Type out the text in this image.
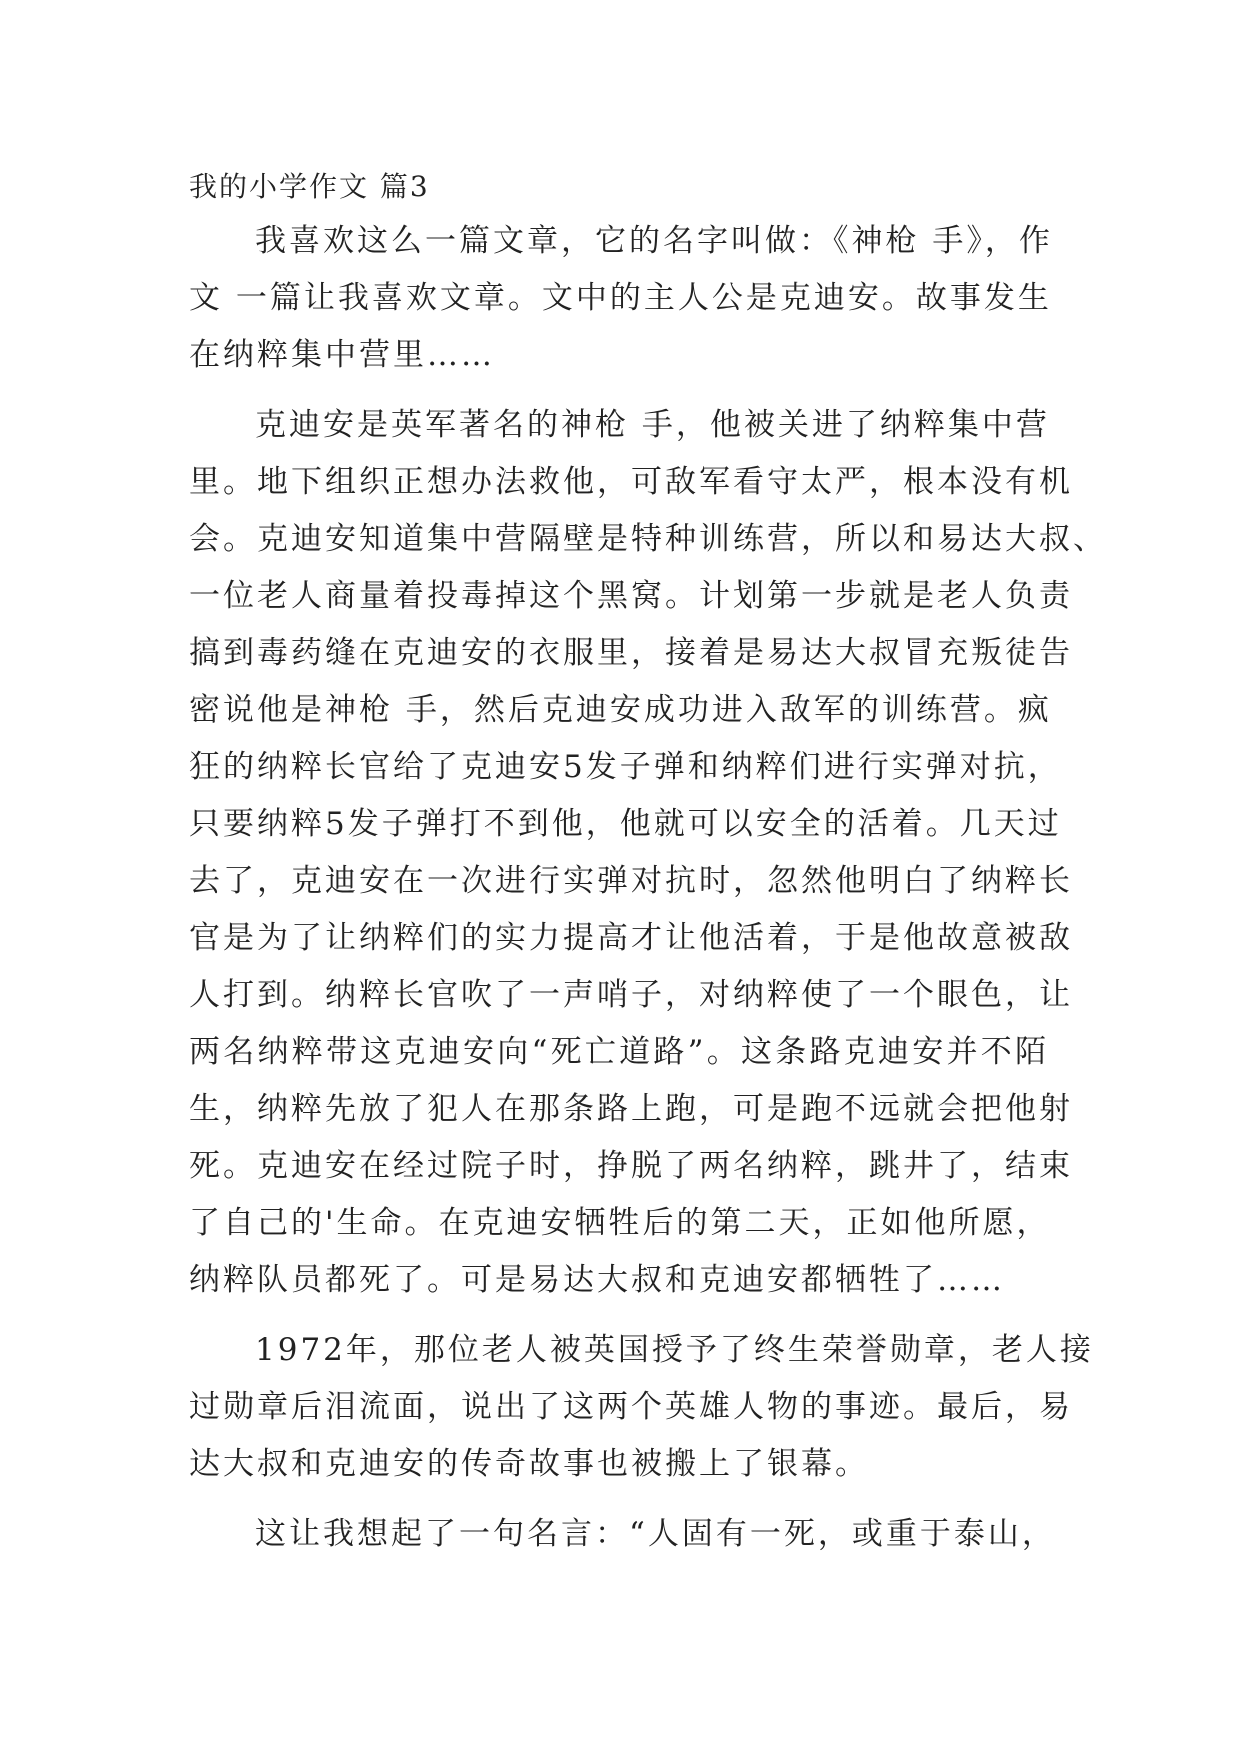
我的小学作文 篇3
我喜欢这么一篇文章，它的名字叫做：《神枪 手》，作
文 一篇让我喜欢文章。文中的主人公是克迪安。故事发生
在纳粹集中营里……
克迪安是英军著名的神枪 手，他被关进了纳粹集中营
里。地下组织正想办法救他，可敌军看守太严，根本没有机
会。克迪安知道集中营隔壁是特种训练营，所以和易达大叔、
一位老人商量着投毒掉这个黑窝。计划第一步就是老人负责
搞到毒药缝在克迪安的衣服里，接着是易达大叔冒充叛徒告
密说他是神枪 手，然后克迪安成功进入敌军的训练营。疯
狂的纳粹长官给了克迪安5发子弹和纳粹们进行实弹对抗，
只要纳粹5发子弹打不到他，他就可以安全的活着。几天过
去了，克迪安在一次进行实弹对抗时，忽然他明白了纳粹长
官是为了让纳粹们的实力提高才让他活着，于是他故意被敌
人打到。纳粹长官吹了一声哨子，对纳粹使了一个眼色，让
两名纳粹带这克迪安向“死亡道路”。这条路克迪安并不陌
生，纳粹先放了犯人在那条路上跑，可是跑不远就会把他射
死。克迪安在经过院子时，挣脱了两名纳粹，跳井了，结束
了自己的'生命。在克迪安牺牲后的第二天，正如他所愿，
纳粹队员都死了。可是易达大叔和克迪安都牺牲了……
1972年，那位老人被英国授予了终生荣誉勋章，老人接
过勋章后泪流面，说出了这两个英雄人物的事迹。最后，易
达大叔和克迪安的传奇故事也被搬上了银幕。
这让我想起了一句名言：“人固有一死，或重于泰山，
